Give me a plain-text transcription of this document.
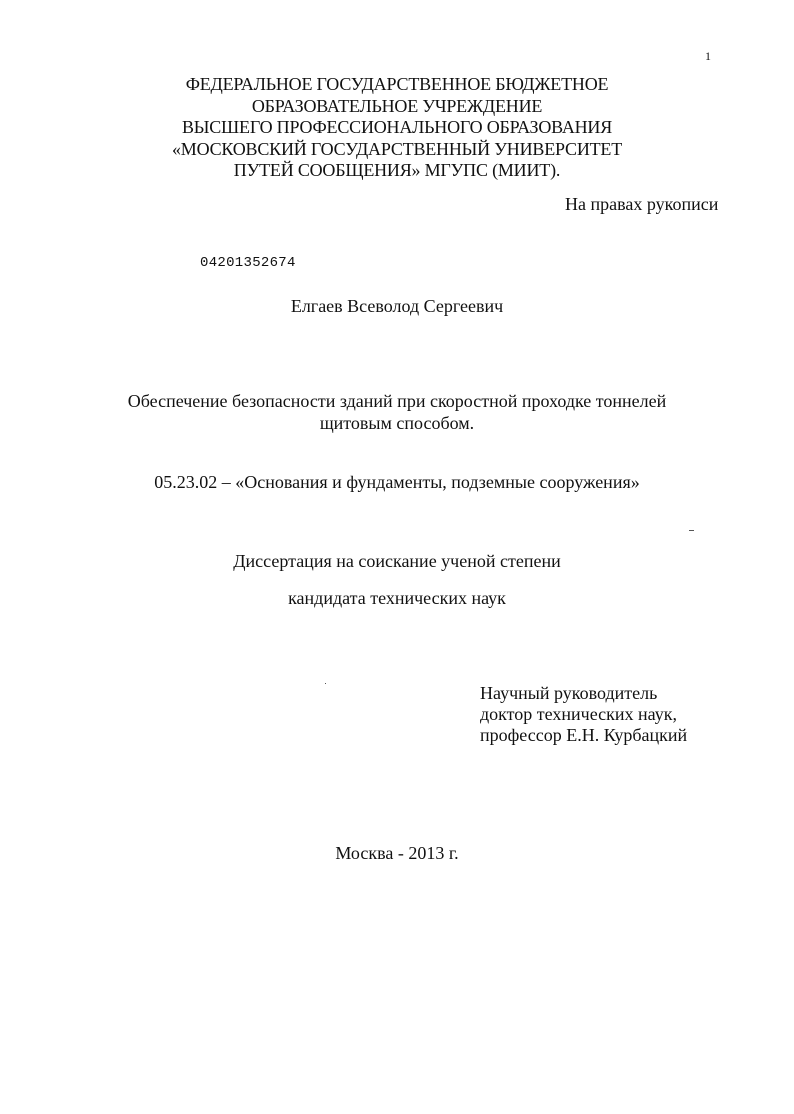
1
ФЕДЕРАЛЬНОЕ ГОСУДАРСТВЕННОЕ БЮДЖЕТНОЕ
ОБРАЗОВАТЕЛЬНОЕ УЧРЕЖДЕНИЕ
ВЫСШЕГО ПРОФЕССИОНАЛЬНОГО ОБРАЗОВАНИЯ
«МОСКОВСКИЙ ГОСУДАРСТВЕННЫЙ УНИВЕРСИТЕТ
ПУТЕЙ СООБЩЕНИЯ» МГУПС (МИИТ).
На правах рукописи
04201352674
Елгаев Всеволод Сергеевич
Обеспечение безопасности зданий при скоростной проходке тоннелей
щитовым способом.
05.23.02 – «Основания и фундаменты, подземные сооружения»
Диссертация на соискание ученой степени
кандидата технических наук
Научный руководитель
доктор технических наук,
профессор Е.Н. Курбацкий
Москва - 2013 г.
